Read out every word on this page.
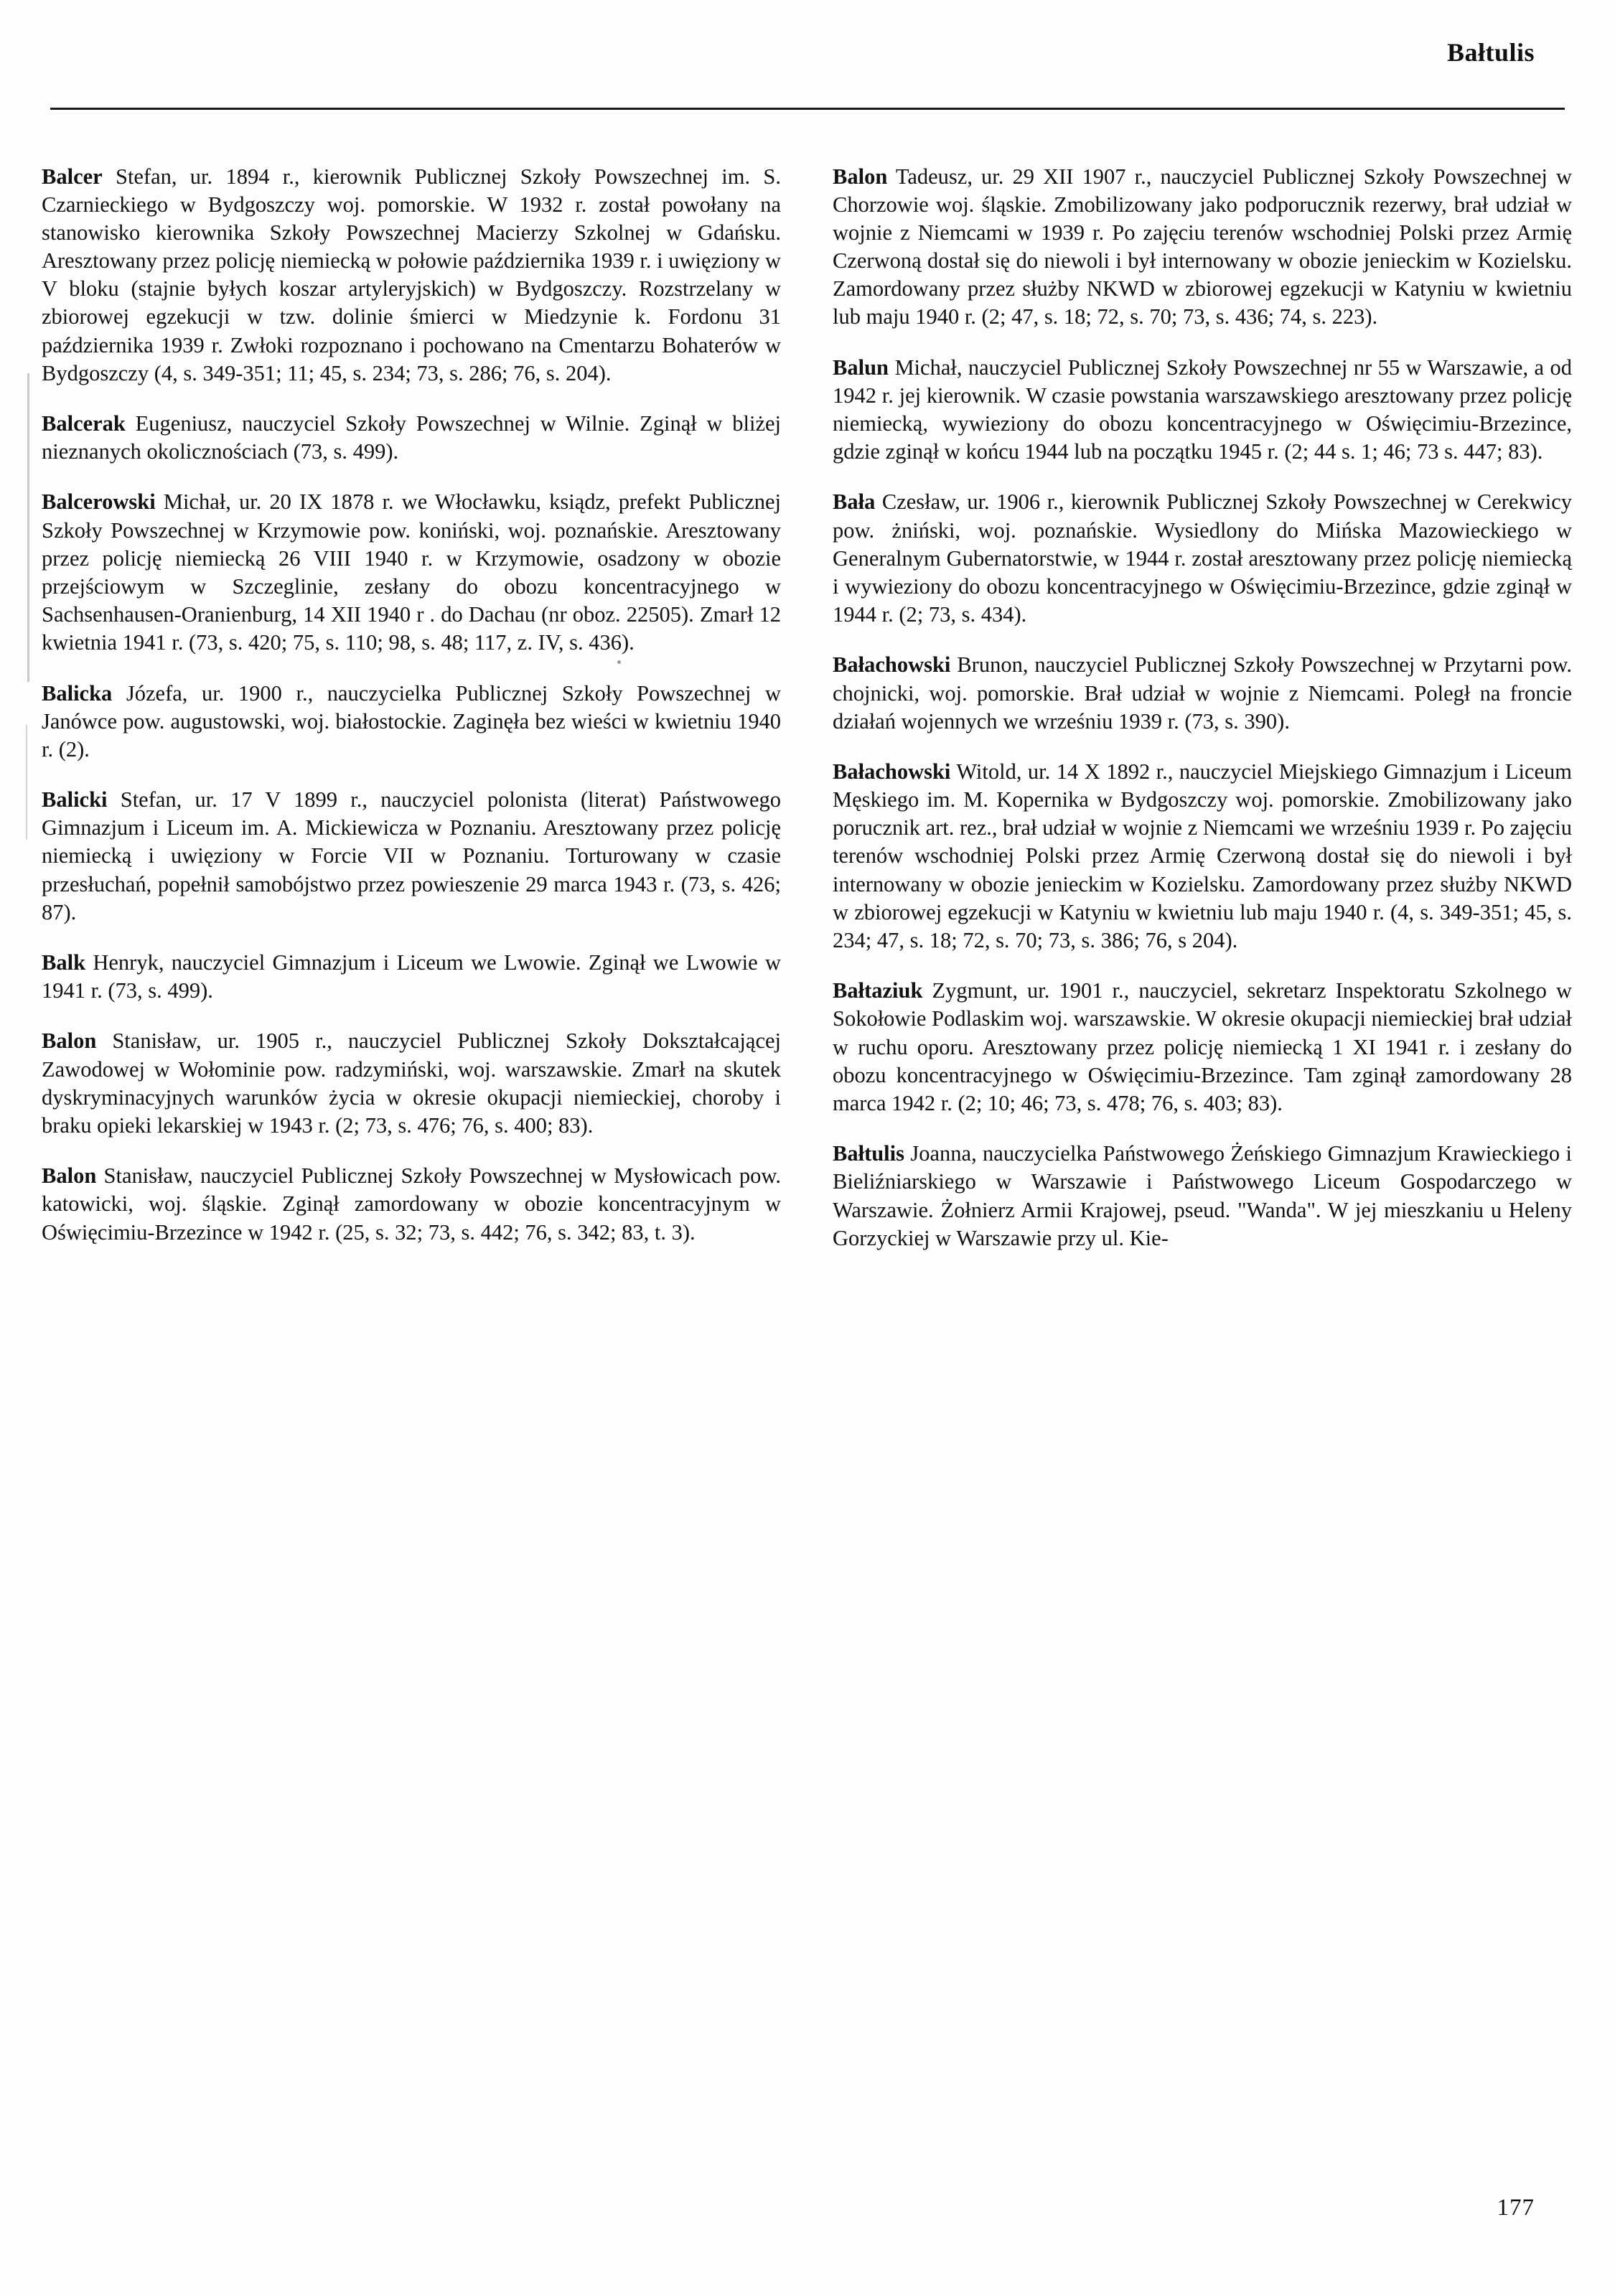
Bałtulis

Balcer Stefan, ur. 1894 r., kierownik Publicznej Szkoły Powszechnej im. S. Czarnieckiego w Bydgoszczy woj. pomorskie. W 1932 r. został powołany na stanowisko kierownika Szkoły Powszechnej Macierzy Szkolnej w Gdańsku. Aresztowany przez policję niemiecką w połowie października 1939 r. i uwięziony w V bloku (stajnie byłych koszar artyleryjskich) w Bydgoszczy. Rozstrzelany w zbiorowej egzekucji w tzw. dolinie śmierci w Miedzynie k. Fordonu 31 października 1939 r. Zwłoki rozpoznano i pochowano na Cmentarzu Bohaterów w Bydgoszczy (4, s. 349-351; 11; 45, s. 234; 73, s. 286; 76, s. 204).

Balcerak Eugeniusz, nauczyciel Szkoły Powszechnej w Wilnie. Zginął w bliżej nieznanych okolicznościach (73, s. 499).

Balcerowski Michał, ur. 20 IX 1878 r. we Włocławku, ksiądz, prefekt Publicznej Szkoły Powszechnej w Krzymowie pow. koniński, woj. poznańskie. Aresztowany przez policję niemiecką 26 VIII 1940 r. w Krzymowie, osadzony w obozie przejściowym w Szczeglinie, zesłany do obozu koncentracyjnego w Sachsenhausen-Oranienburg, 14 XII 1940 r . do Dachau (nr oboz. 22505). Zmarł 12 kwietnia 1941 r. (73, s. 420; 75, s. 110; 98, s. 48; 117, z. IV, s. 436).

Balicka Józefa, ur. 1900 r., nauczycielka Publicznej Szkoły Powszechnej w Janówce pow. augustowski, woj. białostockie. Zaginęła bez wieści w kwietniu 1940 r. (2).

Balicki Stefan, ur. 17 V 1899 r., nauczyciel polonista (literat) Państwowego Gimnazjum i Liceum im. A. Mickiewicza w Poznaniu. Aresztowany przez policję niemiecką i uwięziony w Forcie VII w Poznaniu. Torturowany w czasie przesłuchań, popełnił samobójstwo przez powieszenie 29 marca 1943 r. (73, s. 426; 87).

Balk Henryk, nauczyciel Gimnazjum i Liceum we Lwowie. Zginął we Lwowie w 1941 r. (73, s. 499).

Balon Stanisław, ur. 1905 r., nauczyciel Publicznej Szkoły Dokształcającej Zawodowej w Wołominie pow. radzymiński, woj. warszawskie. Zmarł na skutek dyskryminacyjnych warunków życia w okresie okupacji niemieckiej, choroby i braku opieki lekarskiej w 1943 r. (2; 73, s. 476; 76, s. 400; 83).

Balon Stanisław, nauczyciel Publicznej Szkoły Powszechnej w Mysłowicach pow. katowicki, woj. śląskie. Zginął zamordowany w obozie koncentracyjnym w Oświęcimiu-Brzezince w 1942 r. (25, s. 32; 73, s. 442; 76, s. 342; 83, t. 3).

Balon Tadeusz, ur. 29 XII 1907 r., nauczyciel Publicznej Szkoły Powszechnej w Chorzowie woj. śląskie. Zmobilizowany jako podporucznik rezerwy, brał udział w wojnie z Niemcami w 1939 r. Po zajęciu terenów wschodniej Polski przez Armię Czerwoną dostał się do niewoli i był internowany w obozie jenieckim w Kozielsku. Zamordowany przez służby NKWD w zbiorowej egzekucji w Katyniu w kwietniu lub maju 1940 r. (2; 47, s. 18; 72, s. 70; 73, s. 436; 74, s. 223).

Balun Michał, nauczyciel Publicznej Szkoły Powszechnej nr 55 w Warszawie, a od 1942 r. jej kierownik. W czasie powstania warszawskiego aresztowany przez policję niemiecką, wywieziony do obozu koncentracyjnego w Oświęcimiu-Brzezince, gdzie zginął w końcu 1944 lub na początku 1945 r. (2; 44 s. 1; 46; 73 s. 447; 83).

Bała Czesław, ur. 1906 r., kierownik Publicznej Szkoły Powszechnej w Cerekwicy pow. żniński, woj. poznańskie. Wysiedlony do Mińska Mazowieckiego w Generalnym Gubernatorstwie, w 1944 r. został aresztowany przez policję niemiecką i wywieziony do obozu koncentracyjnego w Oświęcimiu-Brzezince, gdzie zginął w 1944 r. (2; 73, s. 434).

Bałachowski Brunon, nauczyciel Publicznej Szkoły Powszechnej w Przytarni pow. chojnicki, woj. pomorskie. Brał udział w wojnie z Niemcami. Poległ na froncie działań wojennych we wrześniu 1939 r. (73, s. 390).

Bałachowski Witold, ur. 14 X 1892 r., nauczyciel Miejskiego Gimnazjum i Liceum Męskiego im. M. Kopernika w Bydgoszczy woj. pomorskie. Zmobilizowany jako porucznik art. rez., brał udział w wojnie z Niemcami we wrześniu 1939 r. Po zajęciu terenów wschodniej Polski przez Armię Czerwoną dostał się do niewoli i był internowany w obozie jenieckim w Kozielsku. Zamordowany przez służby NKWD w zbiorowej egzekucji w Katyniu w kwietniu lub maju 1940 r. (4, s. 349-351; 45, s. 234; 47, s. 18; 72, s. 70; 73, s. 386; 76, s 204).

Bałtaziuk Zygmunt, ur. 1901 r., nauczyciel, sekretarz Inspektoratu Szkolnego w Sokołowie Podlaskim woj. warszawskie. W okresie okupacji niemieckiej brał udział w ruchu oporu. Aresztowany przez policję niemiecką 1 XI 1941 r. i zesłany do obozu koncentracyjnego w Oświęcimiu-Brzezince. Tam zginął zamordowany 28 marca 1942 r. (2; 10; 46; 73, s. 478; 76, s. 403; 83).

Bałtulis Joanna, nauczycielka Państwowego Żeńskiego Gimnazjum Krawieckiego i Bieliźniarskiego w Warszawie i Państwowego Liceum Gospodarczego w Warszawie. Żołnierz Armii Krajowej, pseud. "Wanda". W jej mieszkaniu u Heleny Gorzyckiej w Warszawie przy ul. Kie-

177
